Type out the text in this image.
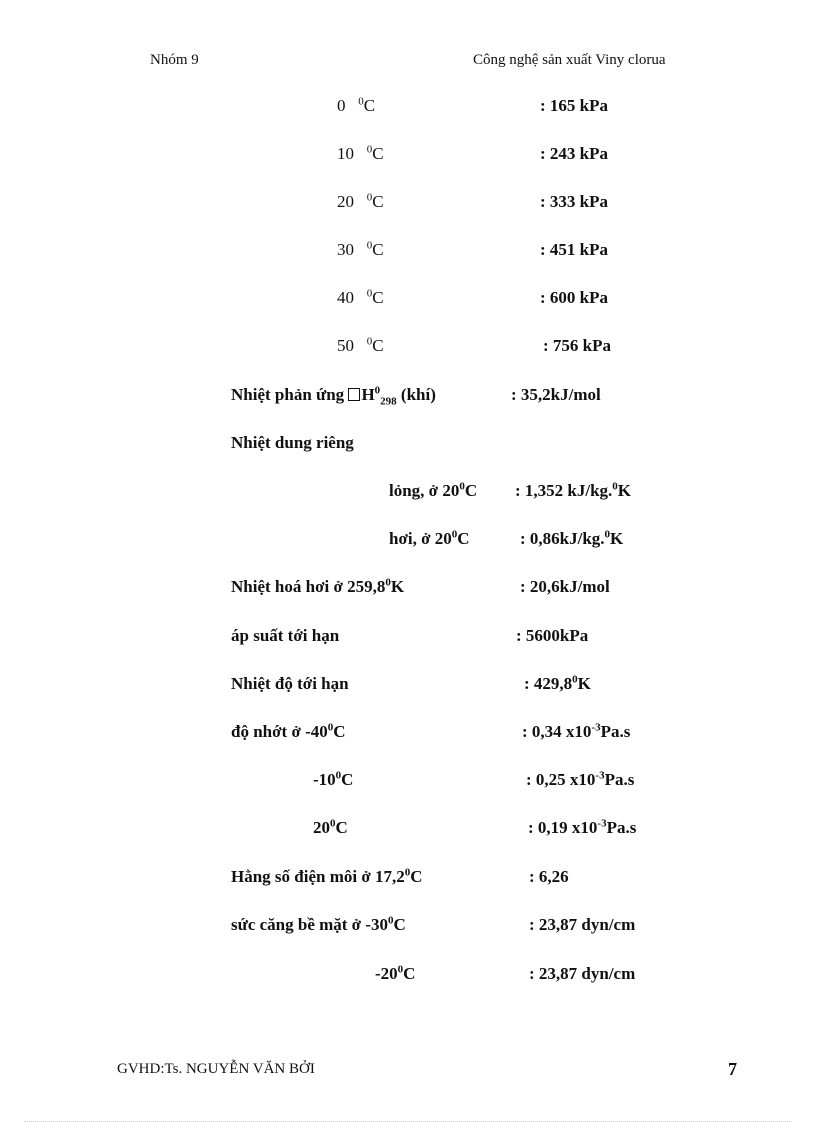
Nhóm 9	Công nghệ sản xuất Viny clorua
0 $^0$C	: 165 kPa
10 $^0$C	: 243 kPa
20 $^0$C	: 333 kPa
30 $^0$C	: 451 kPa
40 $^0$C	: 600 kPa
50 $^0$C	: 756 kPa
Nhiệt phản ứng $H^0_{298}$ (khí)	: 35,2kJ/mol
Nhiệt dung riêng
lỏng, ở $20^0C$ : 1,352 kJ/kg.$^0$K
hơi, ở $20^0C$	: 0,86kJ/kg.$^0$K
Nhiệt hoá hơi ở 259,8$^0$K	: 20,6kJ/mol
áp suất tới hạn	: 5600kPa
Nhiệt độ tới hạn	: 429,8$^0$K
độ nhớt ở $-40^0C$	: 0,34 $x10^{-3}Pa.s$
$-10^0C$	: 0,25 $x10^{-3}Pa.s$
$20^0C$	: 0,19 $x10^{-3}Pa.s$
Hằng số điện môi ở 17,2$^0$C	: 6,26
sức căng bề mặt ở $-30^0C$	: 23,87 dyn/cm
$-20^0C$	: 23,87 dyn/cm
GVHD:Ts. NGUYỄN VĂN BỞI	7
